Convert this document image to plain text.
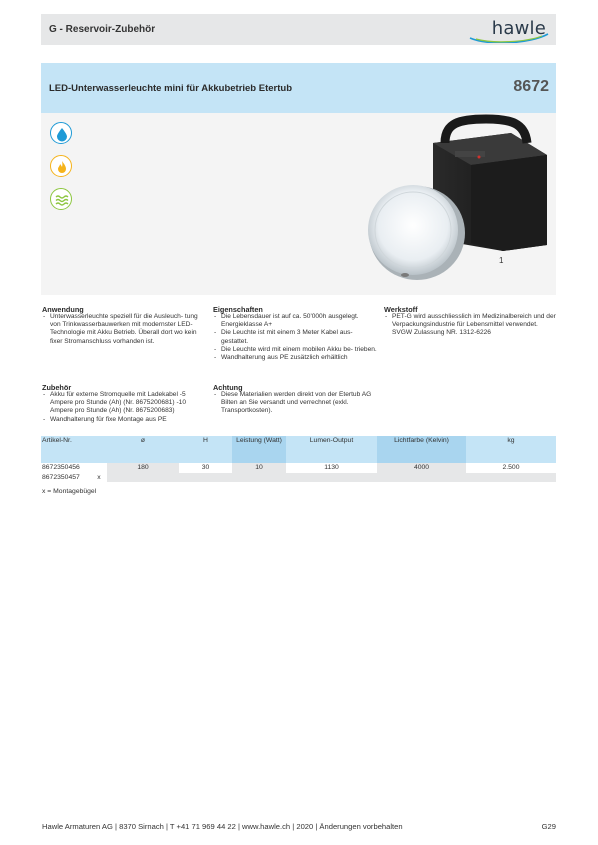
G - Reservoir-Zubehör	hawle
LED-Unterwasserleuchte mini für Akkubetrieb Etertub	8672
1
Anwendung
- Unterwasserleuchte speziell für die Ausleuch- tung von Trinkwasserbauwerken mit modernster LED-Technologie mit Akku Betrieb. Überall dort wo kein fixer Stromanschluss vorhanden ist.
Zubehör
- Akku für externe Stromquelle mit Ladekabel -5 Ampere pro Stunde (Ah) (Nr. 8675200681) -10 Ampere pro Stunde (Ah) (Nr. 8675200683)
- Wandhalterung für fixe Montage aus PE
Eigenschaften
- Die Lebensdauer ist auf ca. 50'000h ausgelegt. Energieklasse A+
- Die Leuchte ist mit einem 3 Meter Kabel aus- gestattet.
- Die Leuchte wird mit einem mobilen Akku be- trieben.
- Wandhalterung aus PE zusätzlich erhältlich
Achtung
- Diese Materialien werden direkt von der Etertub AG Bilten an Sie versandt und verrechnet (exkl. Transportkosten).
Werkstoff
- PET-G wird ausschliesslich im Medizinalbereich und der Verpackungsindustrie für Lebensmittel verwendet. SVGW Zulassung NR. 1312-6226
Artikel-Nr.		ø	H	Leistung (Watt)	Lumen-Output	Lichtfarbe (Kelvin)	kg
8672350456		180	30	10	1130	4000	2.500
8672350457	x						
x = Montagebügel
Hawle Armaturen AG | 8370 Sirnach | T +41 71 969 44 22 | www.hawle.ch | 2020 | Änderungen vorbehalten	G29
